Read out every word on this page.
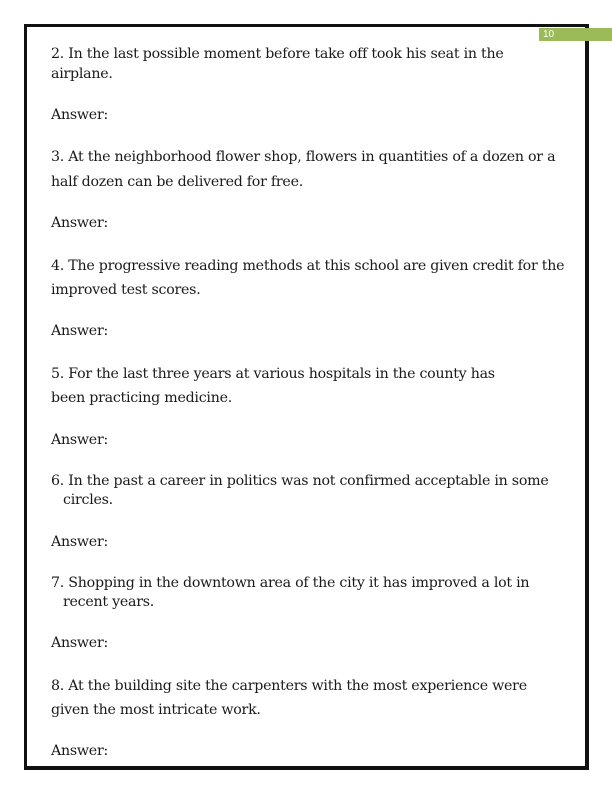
10
2. In the last possible moment before take off took his seat in the
airplane.
Answer:
3. At the neighborhood flower shop, flowers in quantities of a dozen or a
half dozen can be delivered for free.
Answer:
4. The progressive reading methods at this school are given credit for the
improved test scores.
Answer:
5. For the last three years at various hospitals in the county has
been practicing medicine.
Answer:
6. In the past a career in politics was not confirmed acceptable in some
circles.
Answer:
7. Shopping in the downtown area of the city it has improved a lot in
recent years.
Answer:
8. At the building site the carpenters with the most experience were
given the most intricate work.
Answer:
